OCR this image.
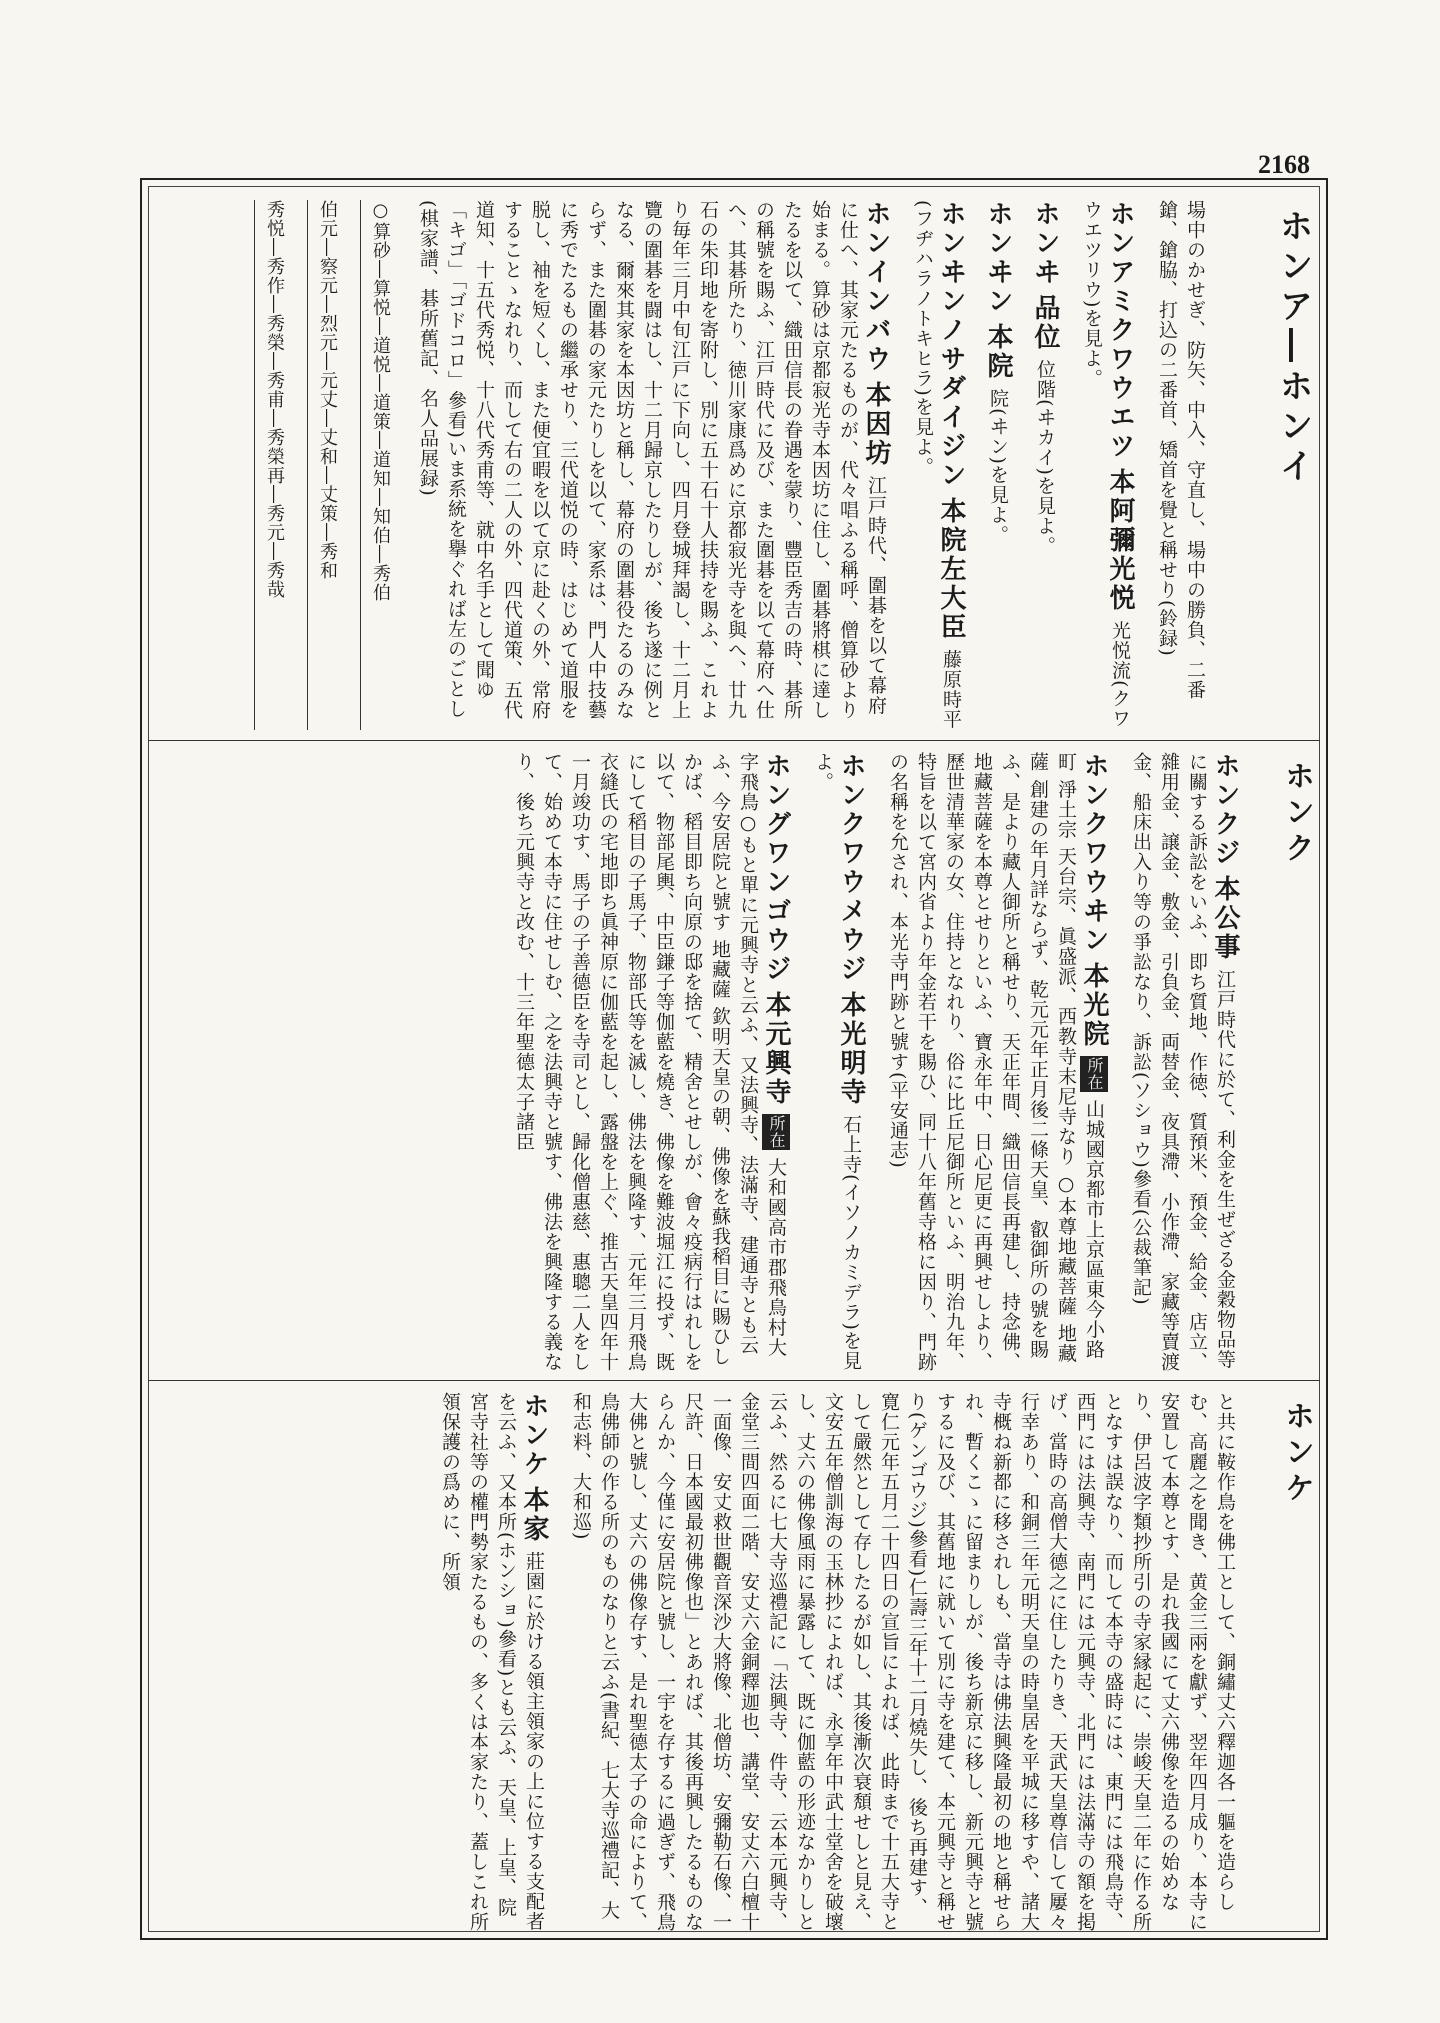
2168
ホンア―ホンイ

場中のかせぎ、防矢、中入、守直し、場中の勝負、二番鎗、鎗脇、打込の二番首、矯首を覺と稱せり(鈴録)

ホンアミクワウエツ 本阿彌光悦 光悦流(クワウエツリウ)を見よ。

ホンヰ 品位 位階(ヰカイ)を見よ。

ホンヰン 本院 院(ヰン)を見よ。

ホンヰンノサダイジン 本院左大臣 藤原時平(フヂハラノトキヒラ)を見よ。

ホンインバウ 本因坊 江戸時代、圍碁を以て幕府に仕へ、其家元たるものが、代々唱ふる稱呼、僧算砂より始まる。算砂は京都寂光寺本因坊に住し、圍碁將棋に達したるを以て、織田信長の眷遇を蒙り、豐臣秀吉の時、碁所の稱號を賜ふ、江戸時代に及び、また圍碁を以て幕府へ仕へ、其碁所たり、徳川家康爲めに京都寂光寺を與へ、廿九石の朱印地を寄附し、別に五十石十人扶持を賜ふ、これより毎年三月中旬江戸に下向し、四月登城拜謁し、十二月上覽の圍碁を闘はし、十二月歸京したりしが、後ち遂に例となる、爾來其家を本因坊と稱し、幕府の圍碁役たるのみならず、また圍碁の家元たりしを以て、家系は、門人中技藝に秀でたるもの繼承せり、三代道悦の時、はじめて道服を脱し、袖を短くし、また便宜暇を以て京に赴くの外、常府することゝなれり、而して右の二人の外、四代道策、五代道知、十五代秀悦、十八代秀甫等、就中名手として聞ゆ「キゴ」「ゴドコロ」參看)いま系統を擧ぐれば左のごとし(棋家譜、碁所舊記、名人品展録)

○算砂―算悦―道悦―道策―道知―知伯―秀伯

伯元―察元―烈元―元丈―丈和―丈策―秀和

秀悦―秀作―秀榮―秀甫―秀榮再―秀元―秀哉

ホンク

ホンクジ 本公事 江戸時代に於て、利金を生ぜざる金穀物品等に關する訴訟をいふ、即ち質地、作徳、質預米、預金、給金、店立、雜用金、譲金、敷金、引負金、両替金、夜具滯、小作滯、家藏等賣渡金、船床出入り等の爭訟なり、訴訟(ソショウ)參看(公裁筆記)

ホンクワウヰン 本光院 所在 山城國京都市上京區東今小路町 淨土宗 天台宗、眞盛派、西教寺末尼寺なり ○本尊地藏菩薩 地藏薩 創建の年月詳ならず、乾元元年正月後二條天皇、叡御所の號を賜ふ、是より藏人御所と稱せり、天正年間、織田信長再建し、持念佛、地藏菩薩を本尊とせりといふ、寶永年中、日心尼更に再興せしより、歷世清華家の女、住持となれり、俗に比丘尼御所といふ、明治九年、特旨を以て宮内省より年金若干を賜ひ、同十八年舊寺格に因り、門跡の名稱を允され、本光寺門跡と號す(平安通志)

ホンクワウメウジ 本光明寺 石上寺(イソノカミデラ)を見よ。

ホングワンゴウジ 本元興寺 所在 大和國高市郡飛鳥村大字飛鳥○もと單に元興寺と云ふ、又法興寺、法滿寺、建通寺とも云ふ、今安居院と號す 地藏薩 欽明天皇の朝、佛像を蘇我稻目に賜ひしかば、稻目即ち向原の邸を捨て、精舍とせしが、會々疫病行はれしを以て、物部尾輿、中臣鎌子等伽藍を燒き、佛像を難波堀江に投ず、既にして稻目の子馬子、物部氏等を滅し、佛法を興隆す、元年三月飛鳥衣縫氏の宅地即ち眞神原に伽藍を起し、露盤を上ぐ、推古天皇四年十一月竣功す、馬子の子善德臣を寺司とし、歸化僧惠慈、惠聰二人をして、始めて本寺に住せしむ、之を法興寺と號す、佛法を興隆する義なり、後ち元興寺と改む、十三年聖德太子諸臣

ホンケ

と共に鞍作鳥を佛工として、銅繡丈六釋迦各一軀を造らしむ、高麗之を聞き、黄金三兩を獻ず、翌年四月成り、本寺に安置して本尊とす、是れ我國にて丈六佛像を造るの始めなり、伊呂波字類抄所引の寺家縁起に、崇峻天皇二年に作る所となすは誤なり、而して本寺の盛時には、東門には飛鳥寺、西門には法興寺、南門には元興寺、北門には法滿寺の額を掲げ、當時の高僧大德之に住したりき、天武天皇尊信して屢々行幸あり、和銅三年元明天皇の時皇居を平城に移すや、諸大寺概ね新都に移されしも、當寺は佛法興隆最初の地と稱せられ、暫くこゝに留まりしが、後ち新京に移し、新元興寺と號するに及び、其舊地に就いて別に寺を建て、本元興寺と稱せり(ゲンゴウジ)參看)仁壽三年十二月燒失し、後ち再建す、寛仁元年五月二十四日の宣旨によれば、此時まで十五大寺として嚴然として存したるが如し、其後漸次衰頽せしと見え、文安五年僧訓海の玉林抄によれば、永享年中武士堂舍を破壞し、丈六の佛像風雨に暴露して、既に伽藍の形迹なかりしと云ふ、然るに七大寺巡禮記に「法興寺、件寺、云本元興寺、金堂三間四面二階、安丈六金銅釋迦也、講堂、安丈六白檀十一面像、安丈救世觀音深沙大將像、北僧坊、安彌勒石像、一尺許、日本國最初佛像也」とあれば、其後再興したるものならんか、今僅に安居院と號し、一宇を存するに過ぎず、飛鳥大佛と號し、丈六の佛像存す、是れ聖德太子の命によりて、鳥佛師の作る所のものなりと云ふ(書紀、七大寺巡禮記、大和志料、大和巡)

ホンケ 本家 莊園に於ける領主領家の上に位する支配者を云ふ、又本所(ホンショ)參看)とも云ふ、天皇、上皇、院宮寺社等の權門勢家たるもの、多くは本家たり、蓋しこれ所領保護の爲めに、所領
